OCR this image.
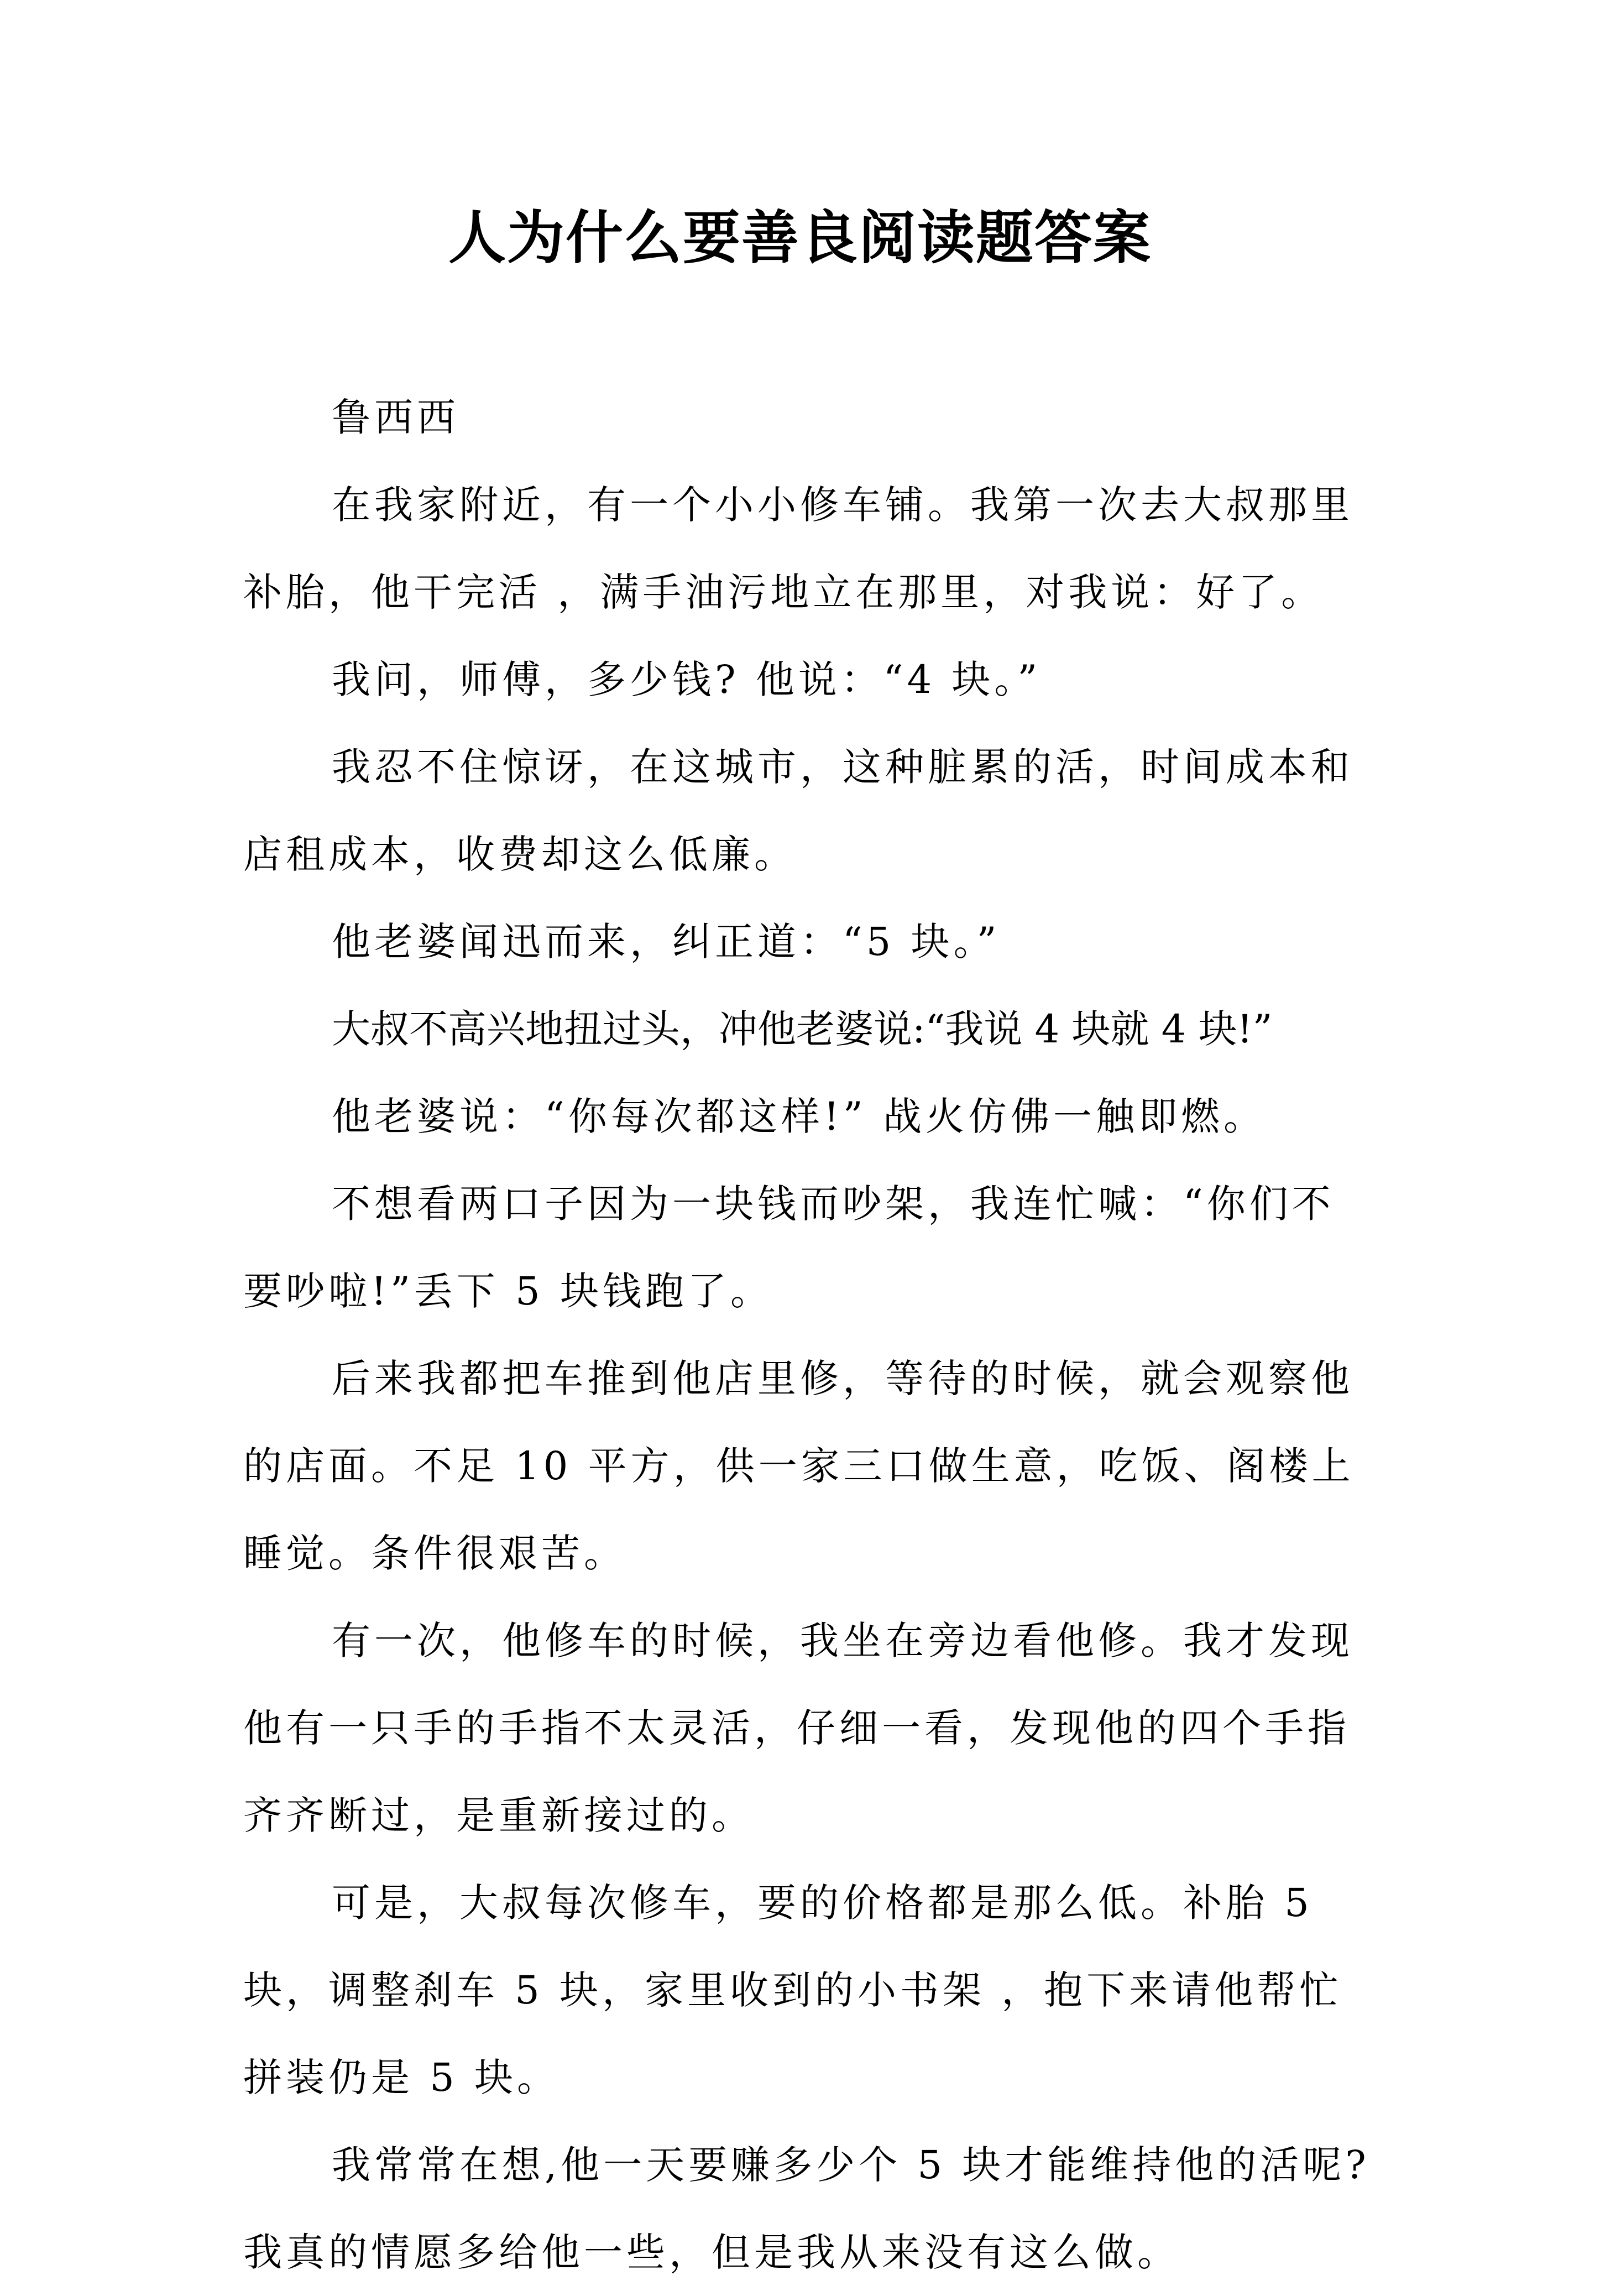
人为什么要善良阅读题答案

鲁西西

在我家附近，有一个小小修车铺。我第一次去大叔那里补胎，他干完活 ，满手油污地立在那里，对我说：好了。

我问，师傅，多少钱? 他说：“4 块。”

我忍不住惊讶，在这城市，这种脏累的活，时间成本和店租成本，收费却这么低廉。

他老婆闻迅而来，纠正道：“5 块。”

大叔不高兴地扭过头，冲他老婆说:“我说 4 块就 4 块!”

他老婆说：“你每次都这样!” 战火仿佛一触即燃。

不想看两口子因为一块钱而吵架，我连忙喊：“你们不要吵啦!”丢下 5 块钱跑了。

后来我都把车推到他店里修，等待的时候，就会观察他的店面。不足 10 平方，供一家三口做生意，吃饭、阁楼上睡觉。条件很艰苦。

有一次，他修车的时候，我坐在旁边看他修。我才发现他有一只手的手指不太灵活，仔细一看，发现他的四个手指齐齐断过，是重新接过的。

可是，大叔每次修车，要的价格都是那么低。补胎 5 块，调整刹车 5 块，家里收到的小书架 ，抱下来请他帮忙拼装仍是 5 块。

我常常在想,他一天要赚多少个 5 块才能维持他的活呢?我真的情愿多给他一些，但是我从来没有这么做。
